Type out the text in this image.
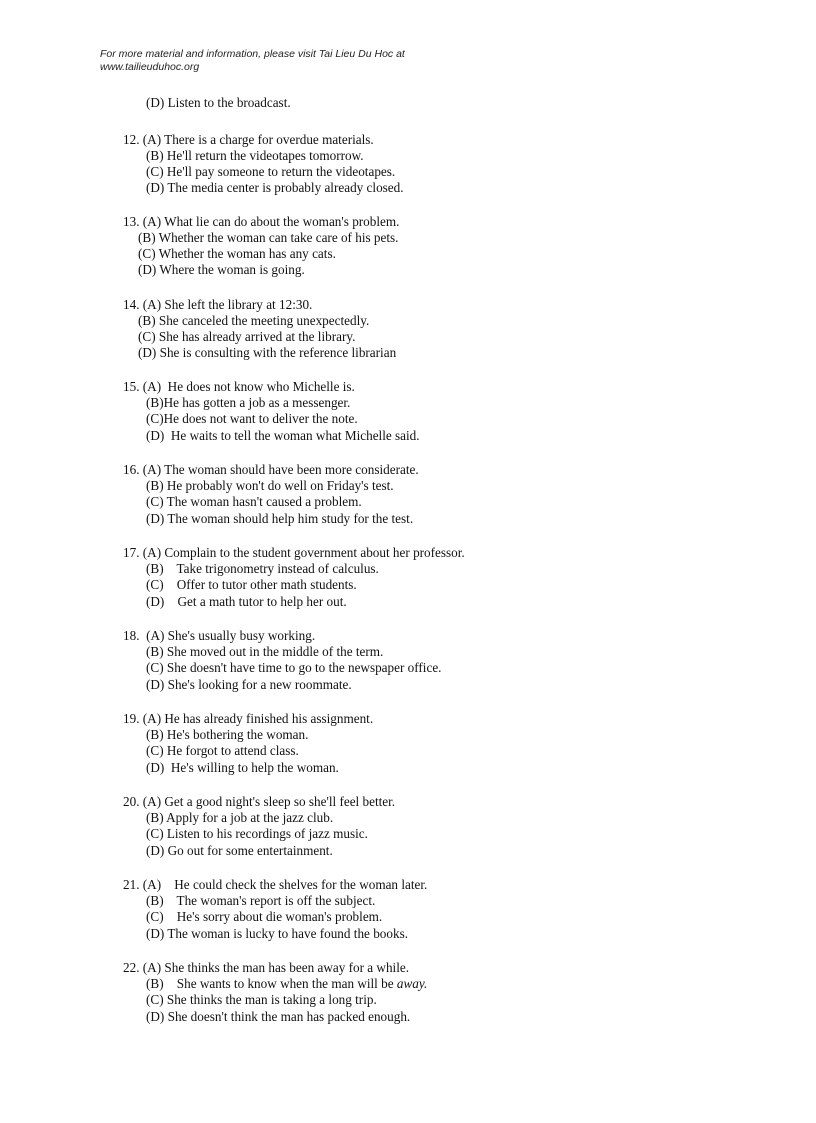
For more material and information, please visit Tai Lieu Du Hoc at
www.tailieuduhoc.org
(D) Listen to the broadcast.
12. (A) There is a charge for overdue materials.
(B) He'll return the videotapes tomorrow.
(C) He'll pay someone to return the videotapes.
(D) The media center is probably already closed.
13. (A) What lie can do about the woman's problem.
(B) Whether the woman can take care of his pets.
(C) Whether the woman has any cats.
(D) Where the woman is going.
14. (A) She left the library at 12:30.
(B) She canceled the meeting unexpectedly.
(C) She has already arrived at the library.
(D) She is consulting with the reference librarian
15. (A)  He does not know who Michelle is.
(B)He has gotten a job as a messenger.
(C)He does not want to deliver the note.
(D)  He waits to tell the woman what Michelle said.
16. (A) The woman should have been more considerate.
(B) He probably won't do well on Friday's test.
(C) The woman hasn't caused a problem.
(D) The woman should help him study for the test.
17. (A) Complain to the student government about her professor.
(B)    Take trigonometry instead of calculus.
(C)    Offer to tutor other math students.
(D)    Get a math tutor to help her out.
18.  (A) She's usually busy working.
(B) She moved out in the middle of the term.
(C) She doesn't have time to go to the newspaper office.
(D) She's looking for a new roommate.
19. (A) He has already finished his assignment.
(B) He's bothering the woman.
(C) He forgot to attend class.
(D)  He's willing to help the woman.
20. (A) Get a good night's sleep so she'll feel better.
(B) Apply for a job at the jazz club.
(C) Listen to his recordings of jazz music.
(D) Go out for some entertainment.
21. (A)    He could check the shelves for the woman later.
(B)    The woman's report is off the subject.
(C)    He's sorry about die woman's problem.
(D) The woman is lucky to have found the books.
22. (A) She thinks the man has been away for a while.
(B)    She wants to know when the man will be away.
(C) She thinks the man is taking a long trip.
(D) She doesn't think the man has packed enough.
